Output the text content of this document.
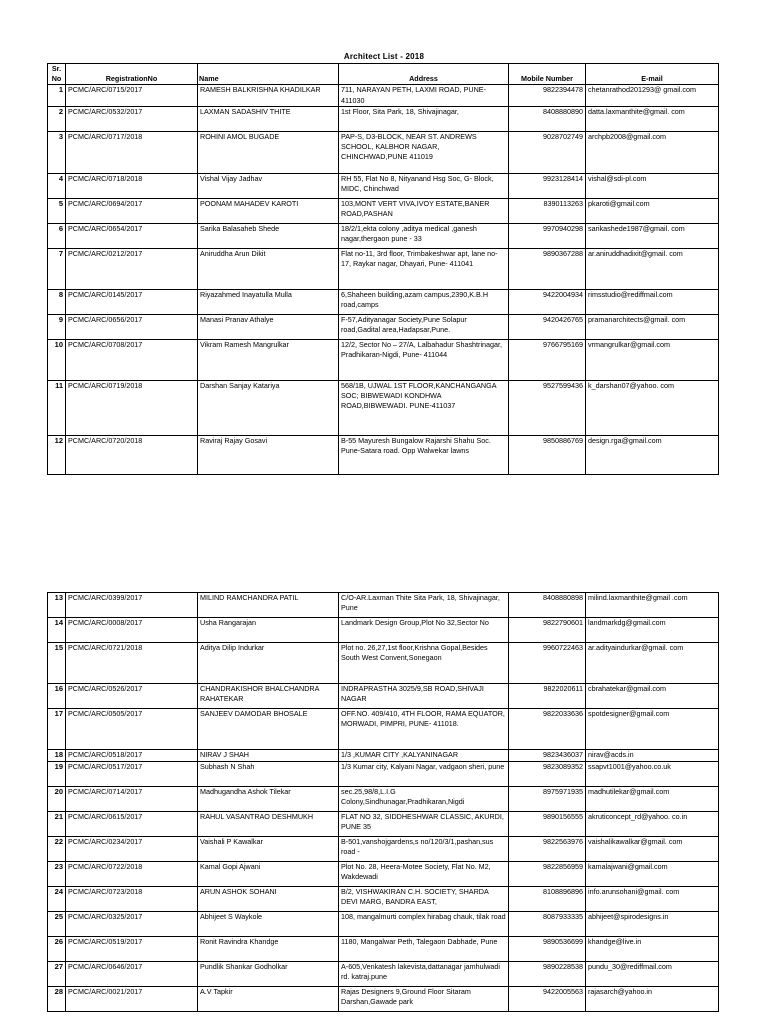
Architect List - 2018
Sr. No	RegistrationNo	Name	Address	Mobile Number	E-mail
1	PCMC/ARC/0715/2017	RAMESH BALKRISHNA KHADILKAR	711, NARAYAN PETH, LAXMI ROAD, PUNE-411030	9822394478	chetanrathod201293@ gmail.com
2	PCMC/ARC/0532/2017	LAXMAN SADASHIV THITE	1st Floor, Sita Park, 18, Shivajinagar,	8408880890	datta.laxmanthite@gmail. com
3	PCMC/ARC/0717/2018	ROHINI AMOL BUGADE	PAP-S, D3-BLOCK, NEAR ST. ANDREWS SCHOOL, KALBHOR NAGAR, CHINCHWAD,PUNE 411019	9028702749	archpb2008@gmail.com
4	PCMC/ARC/0718/2018	Vishal Vijay Jadhav	RH 55, Flat No 8, Nityanand Hsg Soc, G- Block, MIDC, Chinchwad	9923128414	vishal@sdi-pl.com
5	PCMC/ARC/0694/2017	POONAM MAHADEV KAROTI	103,MONT VERT VIVA,IVOY ESTATE,BANER ROAD,PASHAN	8390113263	pkaroti@gmail.com
6	PCMC/ARC/0654/2017	Sarika Balasaheb Shede	18/2/1,ekta colony ,aditya medical ,ganesh nagar,thergaon pune - 33	9970940298	sarikashede1987@gmail. com
7	PCMC/ARC/0212/2017	Aniruddha Arun Dikit	Flat no-11, 3rd floor, Trimbakeshwar apt, lane no-17, Raykar nagar, Dhayari, Pune- 411041	9890367288	ar.aniruddhadixit@gmail. com
8	PCMC/ARC/0145/2017	Riyazahmed Inayatulla Mulla	6,Shaheen building,azam campus,2390,K.B.H road,camps	9422004934	rimsstudio@rediffmail.com
9	PCMC/ARC/0656/2017	Manasi Pranav Athalye	F-57,Adityanagar Society,Pune Solapur road,Gadital area,Hadapsar,Pune.	9420426765	pramanarchitects@gmail. com
10	PCMC/ARC/0708/2017	Vikram Ramesh Mangrulkar	12/2, Sector No – 27/A, Lalbahadur Shashtrinagar, Pradhikaran-Nigdi, Pune- 411044	9766795169	vrmangrulkar@gmail.com
11	PCMC/ARC/0719/2018	Darshan Sanjay Katariya	568/1B, UJWAL 1ST FLOOR,KANCHANGANGA SOC; BIBWEWADI KONDHWA ROAD,BIBWEWADI. PUNE-411037	9527599436	k_darshan07@yahoo. com
12	PCMC/ARC/0720/2018	Raviraj Rajay Gosavi	B-55 Mayuresh Bungalow Rajarshi Shahu Soc. Pune-Satara road. Opp Walwekar lawns	9850886769	design.rga@gmail.com
13	PCMC/ARC/0399/2017	MILIND RAMCHANDRA PATIL	C/O-AR.Laxman Thite Sita Park, 18, Shivajinagar, Pune	8408880898	milind.laxmanthite@gmail .com
14	PCMC/ARC/0008/2017	Usha Rangarajan	Landmark Design Group,Plot No 32,Sector No	9822790601	landmarkdg@gmail.com
15	PCMC/ARC/0721/2018	Aditya Dilip Indurkar	Plot no. 26,27,1st floor,Krishna Gopal,Besides South West Convent,Sonegaon	9960722463	ar.adityaindurkar@gmail. com
16	PCMC/ARC/0526/2017	CHANDRAKISHOR BHALCHANDRA RAHATEKAR	INDRAPRASTHA 3025/9,SB ROAD,SHIVAJI NAGAR	9822020611	cbrahatekar@gmail.com
17	PCMC/ARC/0505/2017	SANJEEV DAMODAR BHOSALE	OFF.NO. 409/410, 4TH FLOOR, RAMA EQUATOR, MORWADI, PIMPRI, PUNE- 411018.	9822033636	spotdesigner@gmail.com
18	PCMC/ARC/0518/2017	NIRAV J SHAH	1/3 ,KUMAR CITY ,KALYANINAGAR	9823436037	nirav@acds.in
19	PCMC/ARC/0517/2017	Subhash N Shah	1/3 Kumar city, Kalyani Nagar, vadgaon sheri, pune	9823089352	ssapvt1001@yahoo.co.uk
20	PCMC/ARC/0714/2017	Madhugandha Ashok Tilekar	sec.25,98/8,L.I.G Colony,Sindhunagar,Pradhikaran,Nigdi	8975971935	madhutilekar@gmail.com
21	PCMC/ARC/0615/2017	RAHUL VASANTRAO DESHMUKH	FLAT NO 32, SIDDHESHWAR CLASSIC, AKURDI, PUNE 35	9890156555	akruticoncept_rd@yahoo. co.in
22	PCMC/ARC/0234/2017	Vaishali P Kawalkar	B-501,vanshojgardens,s no/120/3/1,pashan,sus road -	9822563976	vaishalikawalkar@gmail. com
23	PCMC/ARC/0722/2018	Kamal Gopi Ajwani	Plot No. 28, Heera-Motee Society, Flat No. M2, Wakdewadi	9822856959	kamalajwani@gmail.com
24	PCMC/ARC/0723/2018	ARUN ASHOK SOHANI	B/2, VISHWAKIRAN C.H. SOCIETY, SHARDA DEVI MARG, BANDRA EAST,	8108896896	info.arunsohani@gmail. com
25	PCMC/ARC/0325/2017	Abhijeet S Waykole	108, mangalmurti complex hirabag chauk, tilak road	8087933335	abhijeet@spirodesigns.in
26	PCMC/ARC/0519/2017	Ronit Ravindra Khandge	1180, Mangalwar Peth, Talegaon Dabhade, Pune	9890536699	khandge@live.in
27	PCMC/ARC/0646/2017	Pundlik Shankar Godholkar	A-605,Venkatesh lakevista,dattanagar jamhulwadi rd. katraj.pune	9890228538	pundu_30@rediffmail.com
28	PCMC/ARC/0021/2017	A.V Tapkir	Rajas Designers 9,Ground Floor Sitaram Darshan,Gawade park	9422005563	rajasarch@yahoo.in
